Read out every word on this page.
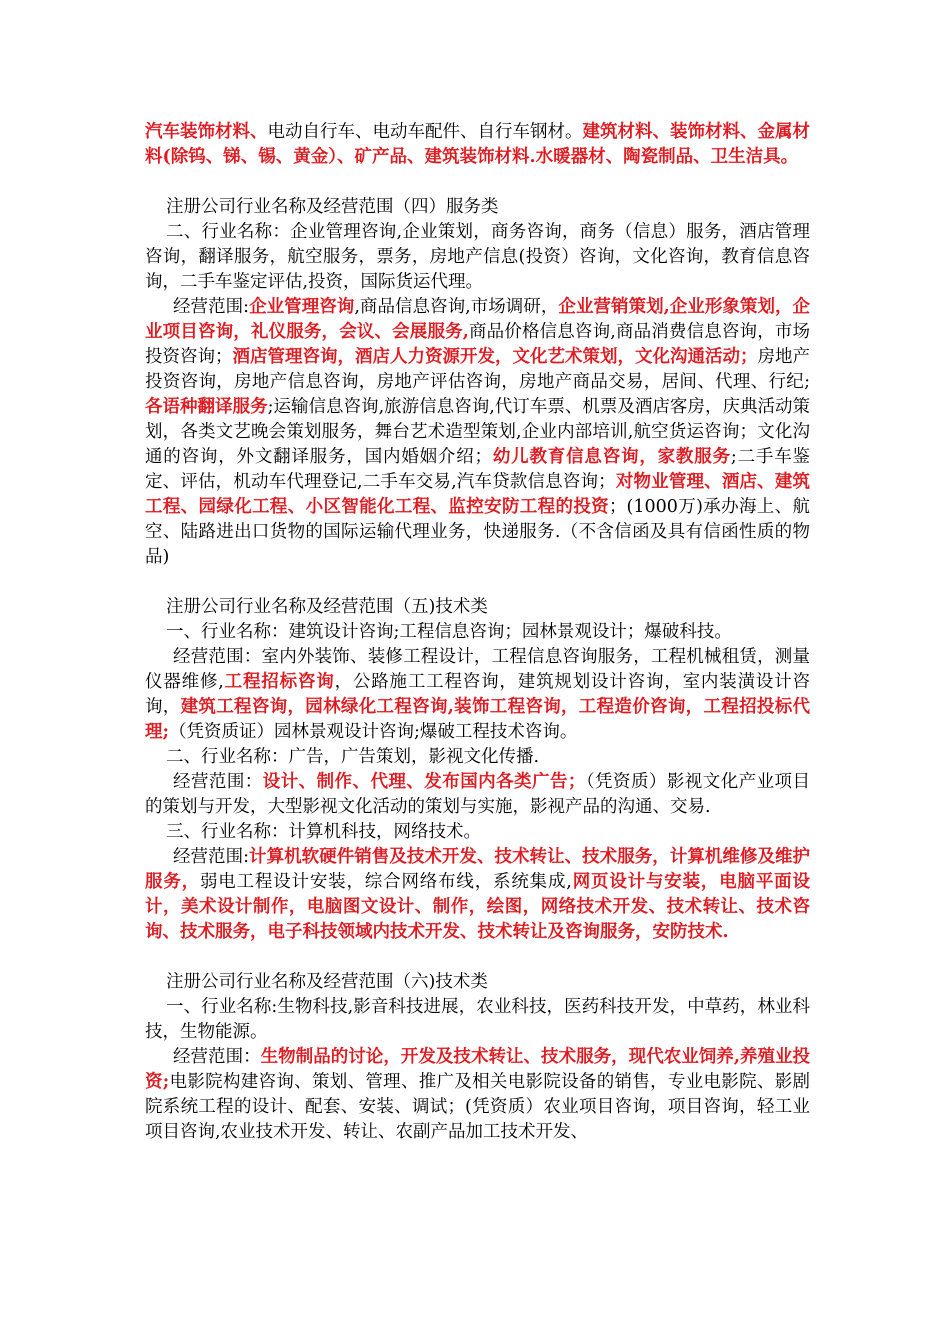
汽车装饰材料、电动自行车、电动车配件、自行车钢材。建筑材料、装饰材料、金属材料(除钨、锑、锡、黄金）、矿产品、建筑装饰材料.水暖器材、陶瓷制品、卫生洁具。

注册公司行业名称及经营范围（四）服务类

二、行业名称：企业管理咨询,企业策划，商务咨询，商务（信息）服务，酒店管理咨询，翻译服务，航空服务，票务，房地产信息(投资）咨询，文化咨询，教育信息咨询，二手车鉴定评估,投资，国际货运代理。

经营范围:企业管理咨询,商品信息咨询,市场调研，企业营销策划,企业形象策划，企业项目咨询，礼仪服务，会议、会展服务,商品价格信息咨询,商品消费信息咨询，市场投资咨询；酒店管理咨询，酒店人力资源开发，文化艺术策划，文化沟通活动；房地产投资咨询，房地产信息咨询，房地产评估咨询，房地产商品交易，居间、代理、行纪;各语种翻译服务;运输信息咨询,旅游信息咨询,代订车票、机票及酒店客房，庆典活动策划，各类文艺晚会策划服务，舞台艺术造型策划,企业内部培训,航空货运咨询；文化沟通的咨询，外文翻译服务，国内婚姻介绍；幼儿教育信息咨询，家教服务;二手车鉴定、评估，机动车代理登记,二手车交易,汽车贷款信息咨询；对物业管理、酒店、建筑工程、园绿化工程、小区智能化工程、监控安防工程的投资；(1000万)承办海上、航空、陆路进出口货物的国际运输代理业务，快递服务.（不含信函及具有信函性质的物品)

注册公司行业名称及经营范围（五)技术类

一、行业名称：建筑设计咨询;工程信息咨询；园林景观设计；爆破科技。

经营范围：室内外装饰、装修工程设计，工程信息咨询服务，工程机械租赁，测量仪器维修,工程招标咨询，公路施工工程咨询，建筑规划设计咨询，室内装潢设计咨询，建筑工程咨询，园林绿化工程咨询,装饰工程咨询，工程造价咨询，工程招投标代理;（凭资质证）园林景观设计咨询;爆破工程技术咨询。

二、行业名称：广告，广告策划，影视文化传播.

经营范围：设计、制作、代理、发布国内各类广告；（凭资质）影视文化产业项目的策划与开发，大型影视文化活动的策划与实施，影视产品的沟通、交易.

三、行业名称：计算机科技，网络技术。

经营范围:计算机软硬件销售及技术开发、技术转让、技术服务，计算机维修及维护服务，弱电工程设计安装，综合网络布线，系统集成,网页设计与安装，电脑平面设计，美术设计制作，电脑图文设计、制作，绘图，网络技术开发、技术转让、技术咨询、技术服务，电子科技领域内技术开发、技术转让及咨询服务，安防技术.

注册公司行业名称及经营范围（六)技术类

一、行业名称:生物科技,影音科技进展，农业科技，医药科技开发，中草药，林业科技，生物能源。

经营范围：生物制品的讨论，开发及技术转让、技术服务，现代农业饲养,养殖业投资;电影院构建咨询、策划、管理、推广及相关电影院设备的销售，专业电影院、影剧院系统工程的设计、配套、安装、调试；(凭资质）农业项目咨询，项目咨询，轻工业项目咨询,农业技术开发、转让、农副产品加工技术开发、
